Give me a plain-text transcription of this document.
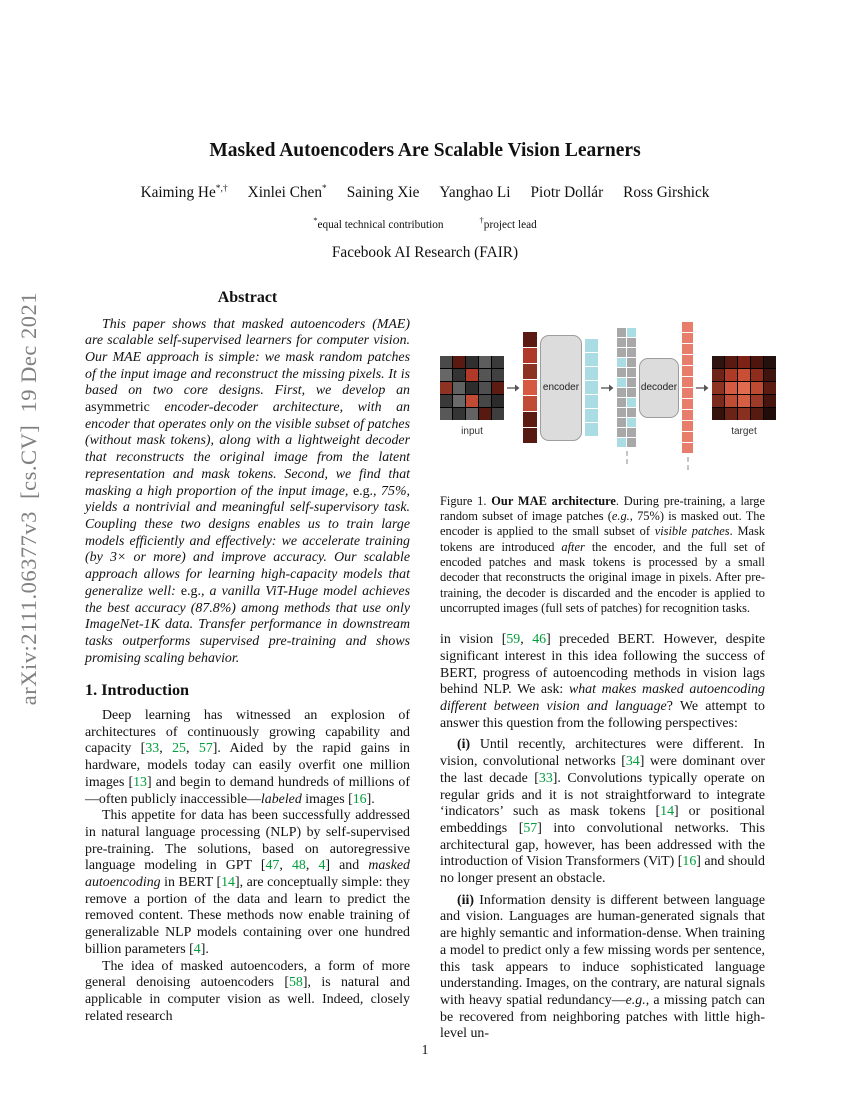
arXiv:2111.06377v3  [cs.CV]  19 Dec 2021
Masked Autoencoders Are Scalable Vision Learners
Kaiming He*,† Xinlei Chen* Saining Xie Yanghao Li Piotr Dollár Ross Girshick
*equal technical contribution	†project lead
Facebook AI Research (FAIR)
Abstract

This paper shows that masked autoencoders (MAE) are scalable self-supervised learners for computer vision. Our MAE approach is simple: we mask random patches of the input image and reconstruct the missing pixels. It is based on two core designs. First, we develop an asymmetric encoder-decoder architecture, with an encoder that operates only on the visible subset of patches (without mask tokens), along with a lightweight decoder that reconstructs the original image from the latent representation and mask tokens. Second, we find that masking a high proportion of the input image, e.g., 75%, yields a nontrivial and meaningful self-supervisory task. Coupling these two designs enables us to train large models efficiently and effectively: we accelerate training (by 3× or more) and improve accuracy. Our scalable approach allows for learning high-capacity models that generalize well: e.g., a vanilla ViT-Huge model achieves the best accuracy (87.8%) among methods that use only ImageNet-1K data. Transfer performance in downstream tasks outperforms supervised pre-training and shows promising scaling behavior.

1. Introduction

Deep learning has witnessed an explosion of architectures of continuously growing capability and capacity [33, 25, 57]. Aided by the rapid gains in hardware, models today can easily overfit one million images [13] and begin to demand hundreds of millions of—often publicly inaccessible—labeled images [16].

This appetite for data has been successfully addressed in natural language processing (NLP) by self-supervised pre-training. The solutions, based on autoregressive language modeling in GPT [47, 48, 4] and masked autoencoding in BERT [14], are conceptually simple: they remove a portion of the data and learn to predict the removed content. These methods now enable training of generalizable NLP models containing over one hundred billion parameters [4].

The idea of masked autoencoders, a form of more general denoising autoencoders [58], is natural and applicable in computer vision as well. Indeed, closely related research

input
encoder	decoder
target
Figure 1. Our MAE architecture. During pre-training, a large random subset of image patches (e.g., 75%) is masked out. The encoder is applied to the small subset of visible patches. Mask tokens are introduced after the encoder, and the full set of encoded patches and mask tokens is processed by a small decoder that reconstructs the original image in pixels. After pre-training, the decoder is discarded and the encoder is applied to uncorrupted images (full sets of patches) for recognition tasks.

in vision [59, 46] preceded BERT. However, despite significant interest in this idea following the success of BERT, progress of autoencoding methods in vision lags behind NLP. We ask: what makes masked autoencoding different between vision and language? We attempt to answer this question from the following perspectives:

(i) Until recently, architectures were different. In vision, convolutional networks [34] were dominant over the last decade [33]. Convolutions typically operate on regular grids and it is not straightforward to integrate ‘indicators’ such as mask tokens [14] or positional embeddings [57] into convolutional networks. This architectural gap, however, has been addressed with the introduction of Vision Transformers (ViT) [16] and should no longer present an obstacle.

(ii) Information density is different between language and vision. Languages are human-generated signals that are highly semantic and information-dense. When training a model to predict only a few missing words per sentence, this task appears to induce sophisticated language understanding. Images, on the contrary, are natural signals with heavy spatial redundancy—e.g., a missing patch can be recovered from neighboring patches with little high-level un-

1
